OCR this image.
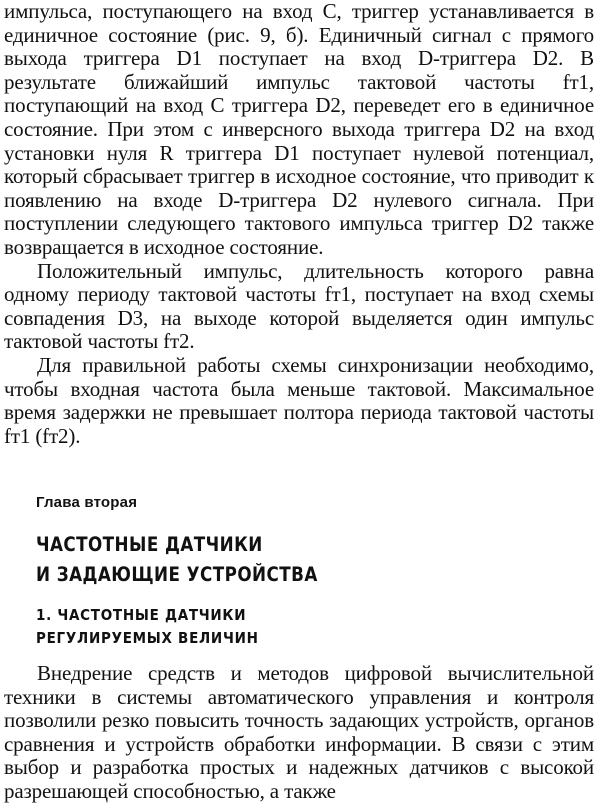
импульса, поступающего на вход C, триггер устанавливается в единичное состояние (рис. 9, б). Единичный сигнал с прямого выхода триггера D1 поступает на вход D-триггера D2. В результате ближайший импульс тактовой частоты fт1, поступающий на вход C триггера D2, переведет его в единичное состояние. При этом с инверсного выхода триггера D2 на вход установки нуля R триггера D1 поступает нулевой потенциал, который сбрасывает триггер в исходное состояние, что приводит к появлению на входе D-триггера D2 нулевого сигнала. При поступлении следующего тактового импульса триггер D2 также возвращается в исходное состояние.

Положительный импульс, длительность которого равна одному периоду тактовой частоты fт1, поступает на вход схемы совпадения D3, на выходе которой выделяется один импульс тактовой частоты fт2.

Для правильной работы схемы синхронизации необходимо, чтобы входная частота была меньше тактовой. Максимальное время задержки не превышает полтора периода тактовой частоты fт1 (fт2).

Глава вторая

ЧАСТОТНЫЕ ДАТЧИКИ

И ЗАДАЮЩИЕ УСТРОЙСТВА

1. ЧАСТОТНЫЕ ДАТЧИКИ

РЕГУЛИРУЕМЫХ ВЕЛИЧИН

Внедрение средств и методов цифровой вычислительной техники в системы автоматического управления и контроля позволили резко повысить точность задающих устройств, органов сравнения и устройств обработки информации. В связи с этим выбор и разработка простых и надежных датчиков с высокой разрешающей способностью, а также
